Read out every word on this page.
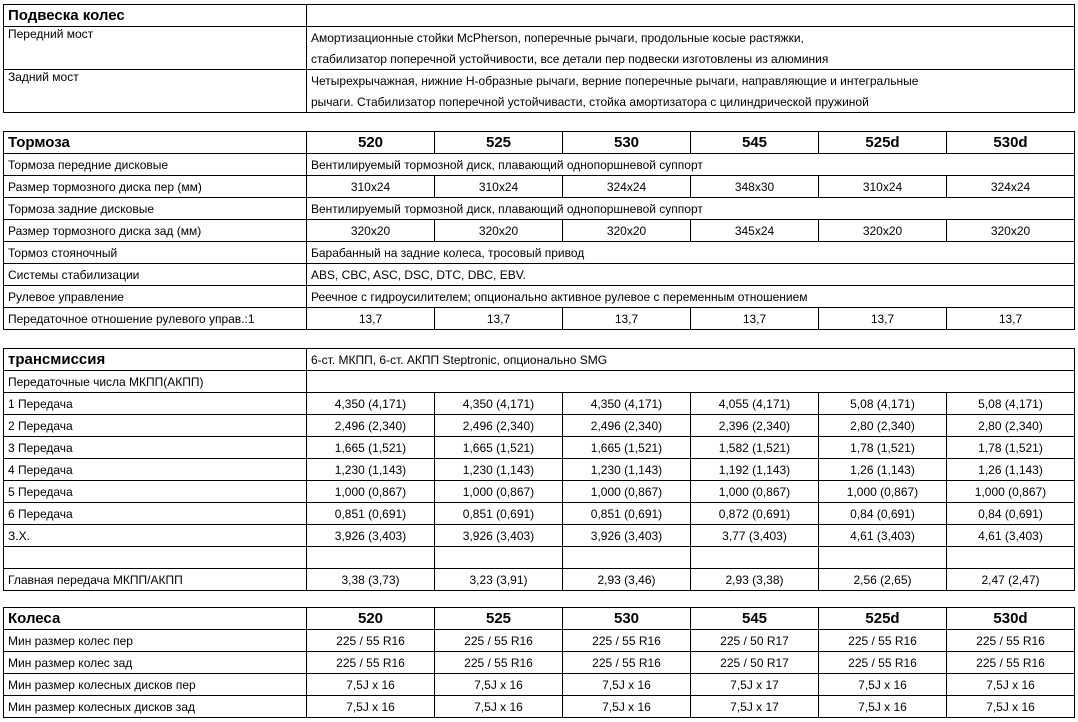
Подвеска колес	
Передний мост	Амортизационные стойки McPherson, поперечные рычаги, продольные косые растяжки,
	стабилизатор поперечной устойчивости, все детали пер подвески изготовлены из алюминия
Задний мост	Четырехрычажная, нижние Н-образные рычаги, верние поперечные рычаги, направляющие и интегральные
	рычаги. Стабилизатор поперечной устойчивасти, стойка амортизатора с цилиндрической пружиной
Тормоза	520	525	530	545	525d	530d
Тормоза передние дисковые	Вентилируемый тормозной диск, плавающий однопоршневой суппорт					
Размер тормозного диска пер (мм)	310x24	310x24	324x24	348x30	310x24	324x24
Тормоза задние дисковые	Вентилируемый тормозной диск, плавающий однопоршневой суппорт					
Размер тормозного диска зад (мм)	320x20	320x20	320x20	345x24	320x20	320x20
Тормоз стояночный	Барабанный на задние колеса, тросовый привод					
Системы стабилизации	ABS, CBC, ASC, DSC, DTC, DBC, EBV.					
Рулевое управление	Реечное с гидроусилителем; опционально активное рулевое с переменным отношением					
Передаточное отношение рулевого управ.:1	13,7	13,7	13,7	13,7	13,7	13,7
трансмиссия	6-ст. МКПП, 6-ст. АКПП Steptronic, опционально SMG					
Передаточные числа МКПП(АКПП)						
1 Передача	4,350 (4,171)	4,350 (4,171)	4,350 (4,171)	4,055 (4,171)	5,08 (4,171)	5,08 (4,171)
2 Передача	2,496 (2,340)	2,496 (2,340)	2,496 (2,340)	2,396 (2,340)	2,80 (2,340)	2,80 (2,340)
3 Передача	1,665 (1,521)	1,665 (1,521)	1,665 (1,521)	1,582 (1,521)	1,78 (1,521)	1,78 (1,521)
4 Передача	1,230 (1,143)	1,230 (1,143)	1,230 (1,143)	1,192 (1,143)	1,26 (1,143)	1,26 (1,143)
5 Передача	1,000 (0,867)	1,000 (0,867)	1,000 (0,867)	1,000 (0,867)	1,000 (0,867)	1,000 (0,867)
6 Передача	0,851 (0,691)	0,851 (0,691)	0,851 (0,691)	0,872 (0,691)	0,84 (0,691)	0,84 (0,691)
З.Х.	3,926 (3,403)	3,926 (3,403)	3,926 (3,403)	3,77 (3,403)	4,61 (3,403)	4,61 (3,403)

Главная передача МКПП/АКПП	3,38 (3,73)	3,23 (3,91)	2,93 (3,46)	2,93 (3,38)	2,56 (2,65)	2,47 (2,47)
Колеса	520	525	530	545	525d	530d
Мин размер колес пер	225 / 55 R16	225 / 55 R16	225 / 55 R16	225 / 50 R17	225 / 55 R16	225 / 55 R16
Мин размер колес зад	225 / 55 R16	225 / 55 R16	225 / 55 R16	225 / 50 R17	225 / 55 R16	225 / 55 R16
Мин размер колесных дисков пер	7,5J x 16	7,5J x 16	7,5J x 16	7,5J x 17	7,5J x 16	7,5J x 16
Мин размер колесных дисков зад	7,5J x 16	7,5J x 16	7,5J x 16	7,5J x 17	7,5J x 16	7,5J x 16
